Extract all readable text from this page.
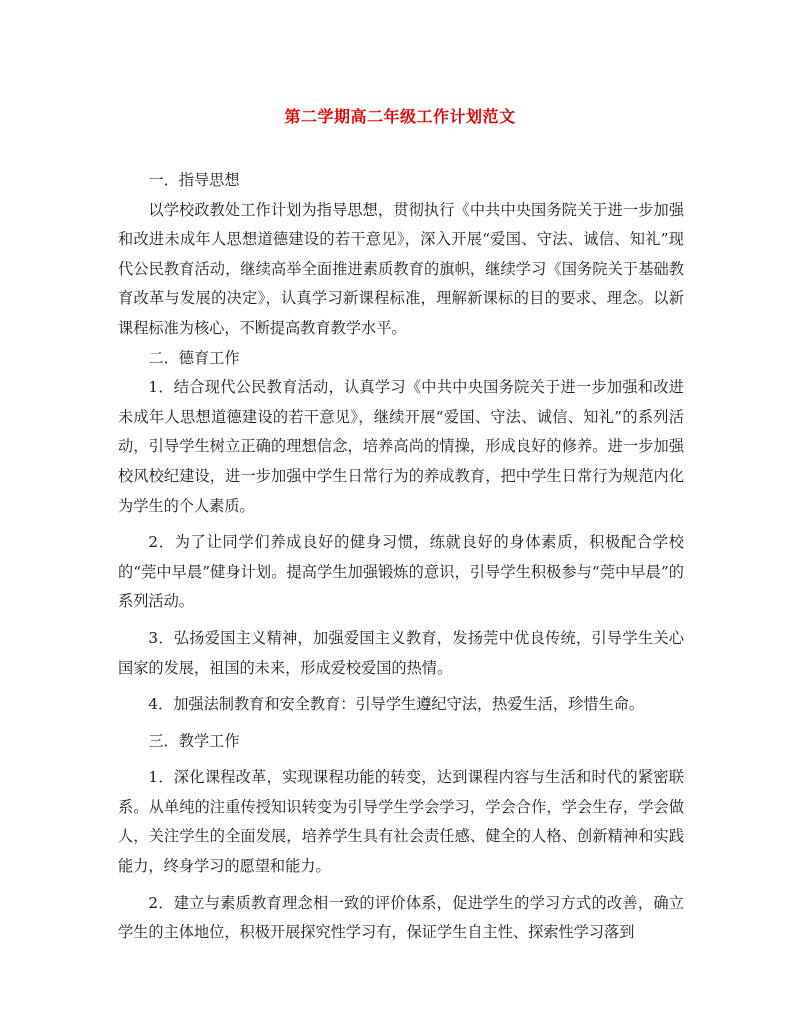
第二学期高二年级工作计划范文

一．指导思想

以学校政教处工作计划为指导思想，贯彻执行《中共中央国务院关于进一步加强和改进未成年人思想道德建设的若干意见》，深入开展“爱国、守法、诚信、知礼”现代公民教育活动，继续高举全面推进素质教育的旗帜，继续学习《国务院关于基础教育改革与发展的决定》，认真学习新课程标准，理解新课标的目的要求、理念。以新课程标准为核心，不断提高教育教学水平。

二．德育工作

1．结合现代公民教育活动，认真学习《中共中央国务院关于进一步加强和改进未成年人思想道德建设的若干意见》，继续开展“爱国、守法、诚信、知礼”的系列活动，引导学生树立正确的理想信念，培养高尚的情操，形成良好的修养。进一步加强校风校纪建设，进一步加强中学生日常行为的养成教育，把中学生日常行为规范内化为学生的个人素质。

2．为了让同学们养成良好的健身习惯，练就良好的身体素质，积极配合学校的“莞中早晨”健身计划。提高学生加强锻炼的意识，引导学生积极参与“莞中早晨”的系列活动。

3．弘扬爱国主义精神，加强爱国主义教育，发扬莞中优良传统，引导学生关心国家的发展，祖国的未来，形成爱校爱国的热情。

4．加强法制教育和安全教育：引导学生遵纪守法，热爱生活，珍惜生命。

三．教学工作

1．深化课程改革，实现课程功能的转变，达到课程内容与生活和时代的紧密联系。从单纯的注重传授知识转变为引导学生学会学习，学会合作，学会生存，学会做人，关注学生的全面发展，培养学生具有社会责任感、健全的人格、创新精神和实践能力，终身学习的愿望和能力。

2．建立与素质教育理念相一致的评价体系，促进学生的学习方式的改善，确立学生的主体地位，积极开展探究性学习有，保证学生自主性、探索性学习落到
